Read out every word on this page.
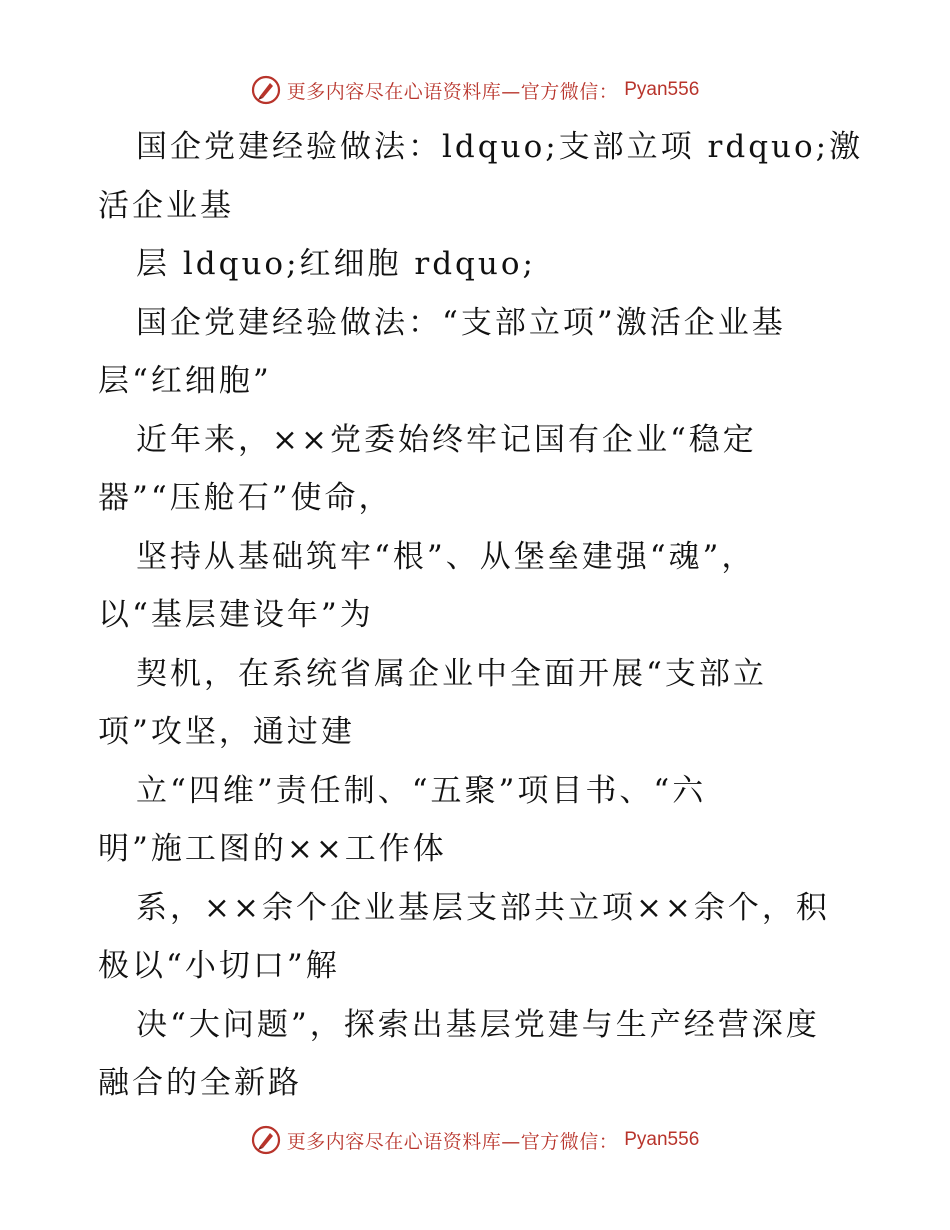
更多内容尽在心语资料库—官方微信： Pyan556
国企党建经验做法：ldquo;支部立项 rdquo;激
活企业基
层 ldquo;红细胞 rdquo;
国企党建经验做法：“支部立项”激活企业基
层“红细胞”
近年来，××党委始终牢记国有企业“稳定
器”“压舱石”使命，
坚持从基础筑牢“根”、从堡垒建强“魂”，
以“基层建设年”为
契机，在系统省属企业中全面开展“支部立
项”攻坚，通过建
立“四维”责任制、“五聚”项目书、“六
明”施工图的××工作体
系，××余个企业基层支部共立项××余个，积
极以“小切口”解
决“大问题”，探索出基层党建与生产经营深度
融合的全新路
更多内容尽在心语资料库—官方微信： Pyan556
